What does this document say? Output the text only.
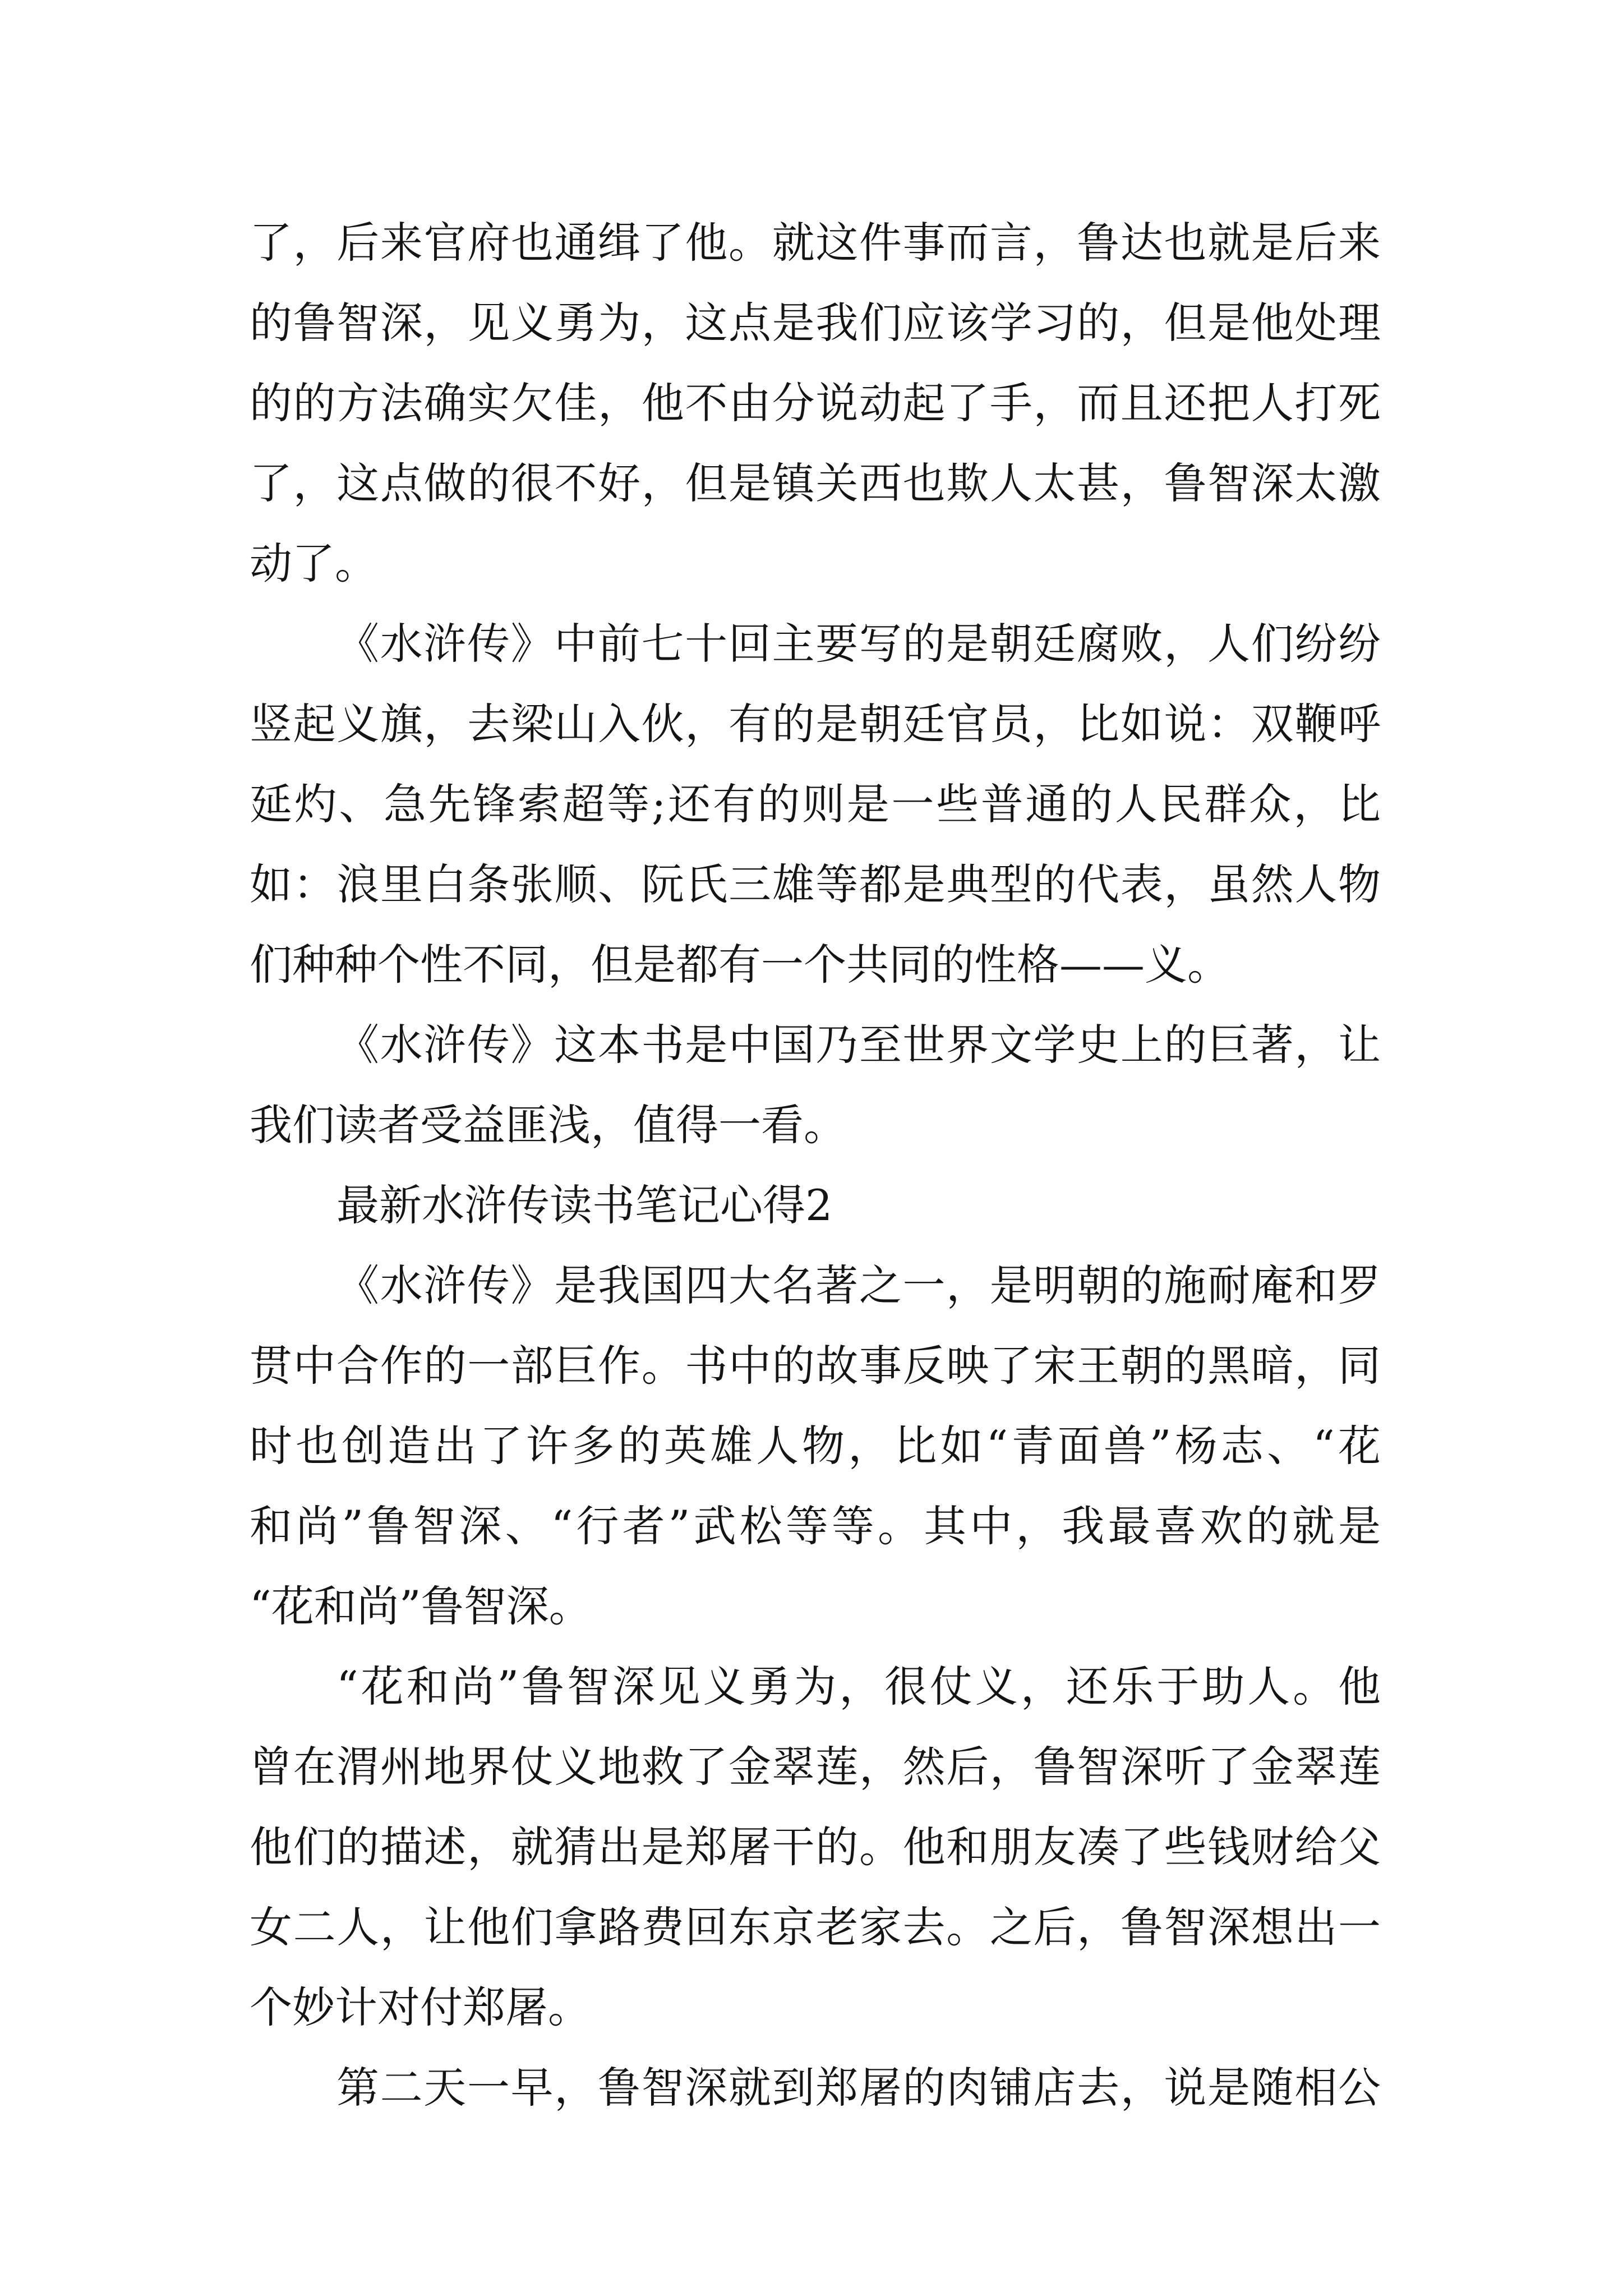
了，后来官府也通缉了他。就这件事而言，鲁达也就是后来
的鲁智深，见义勇为，这点是我们应该学习的，但是他处理
的的方法确实欠佳，他不由分说动起了手，而且还把人打死
了，这点做的很不好，但是镇关西也欺人太甚，鲁智深太激
动了。
《水浒传》中前七十回主要写的是朝廷腐败，人们纷纷
竖起义旗，去梁山入伙，有的是朝廷官员，比如说：双鞭呼
延灼、急先锋索超等;还有的则是一些普通的人民群众，比
如：浪里白条张顺、阮氏三雄等都是典型的代表，虽然人物
们种种个性不同，但是都有一个共同的性格——义。
《水浒传》这本书是中国乃至世界文学史上的巨著，让
我们读者受益匪浅，值得一看。
最新水浒传读书笔记心得2
《水浒传》是我国四大名著之一，是明朝的施耐庵和罗
贯中合作的一部巨作。书中的故事反映了宋王朝的黑暗，同
时也创造出了许多的英雄人物，比如“青面兽”杨志、“花
和尚”鲁智深、“行者”武松等等。其中，我最喜欢的就是
“花和尚”鲁智深。
“花和尚”鲁智深见义勇为，很仗义，还乐于助人。他
曾在渭州地界仗义地救了金翠莲，然后，鲁智深听了金翠莲
他们的描述，就猜出是郑屠干的。他和朋友凑了些钱财给父
女二人，让他们拿路费回东京老家去。之后，鲁智深想出一
个妙计对付郑屠。
第二天一早，鲁智深就到郑屠的肉铺店去，说是随相公
